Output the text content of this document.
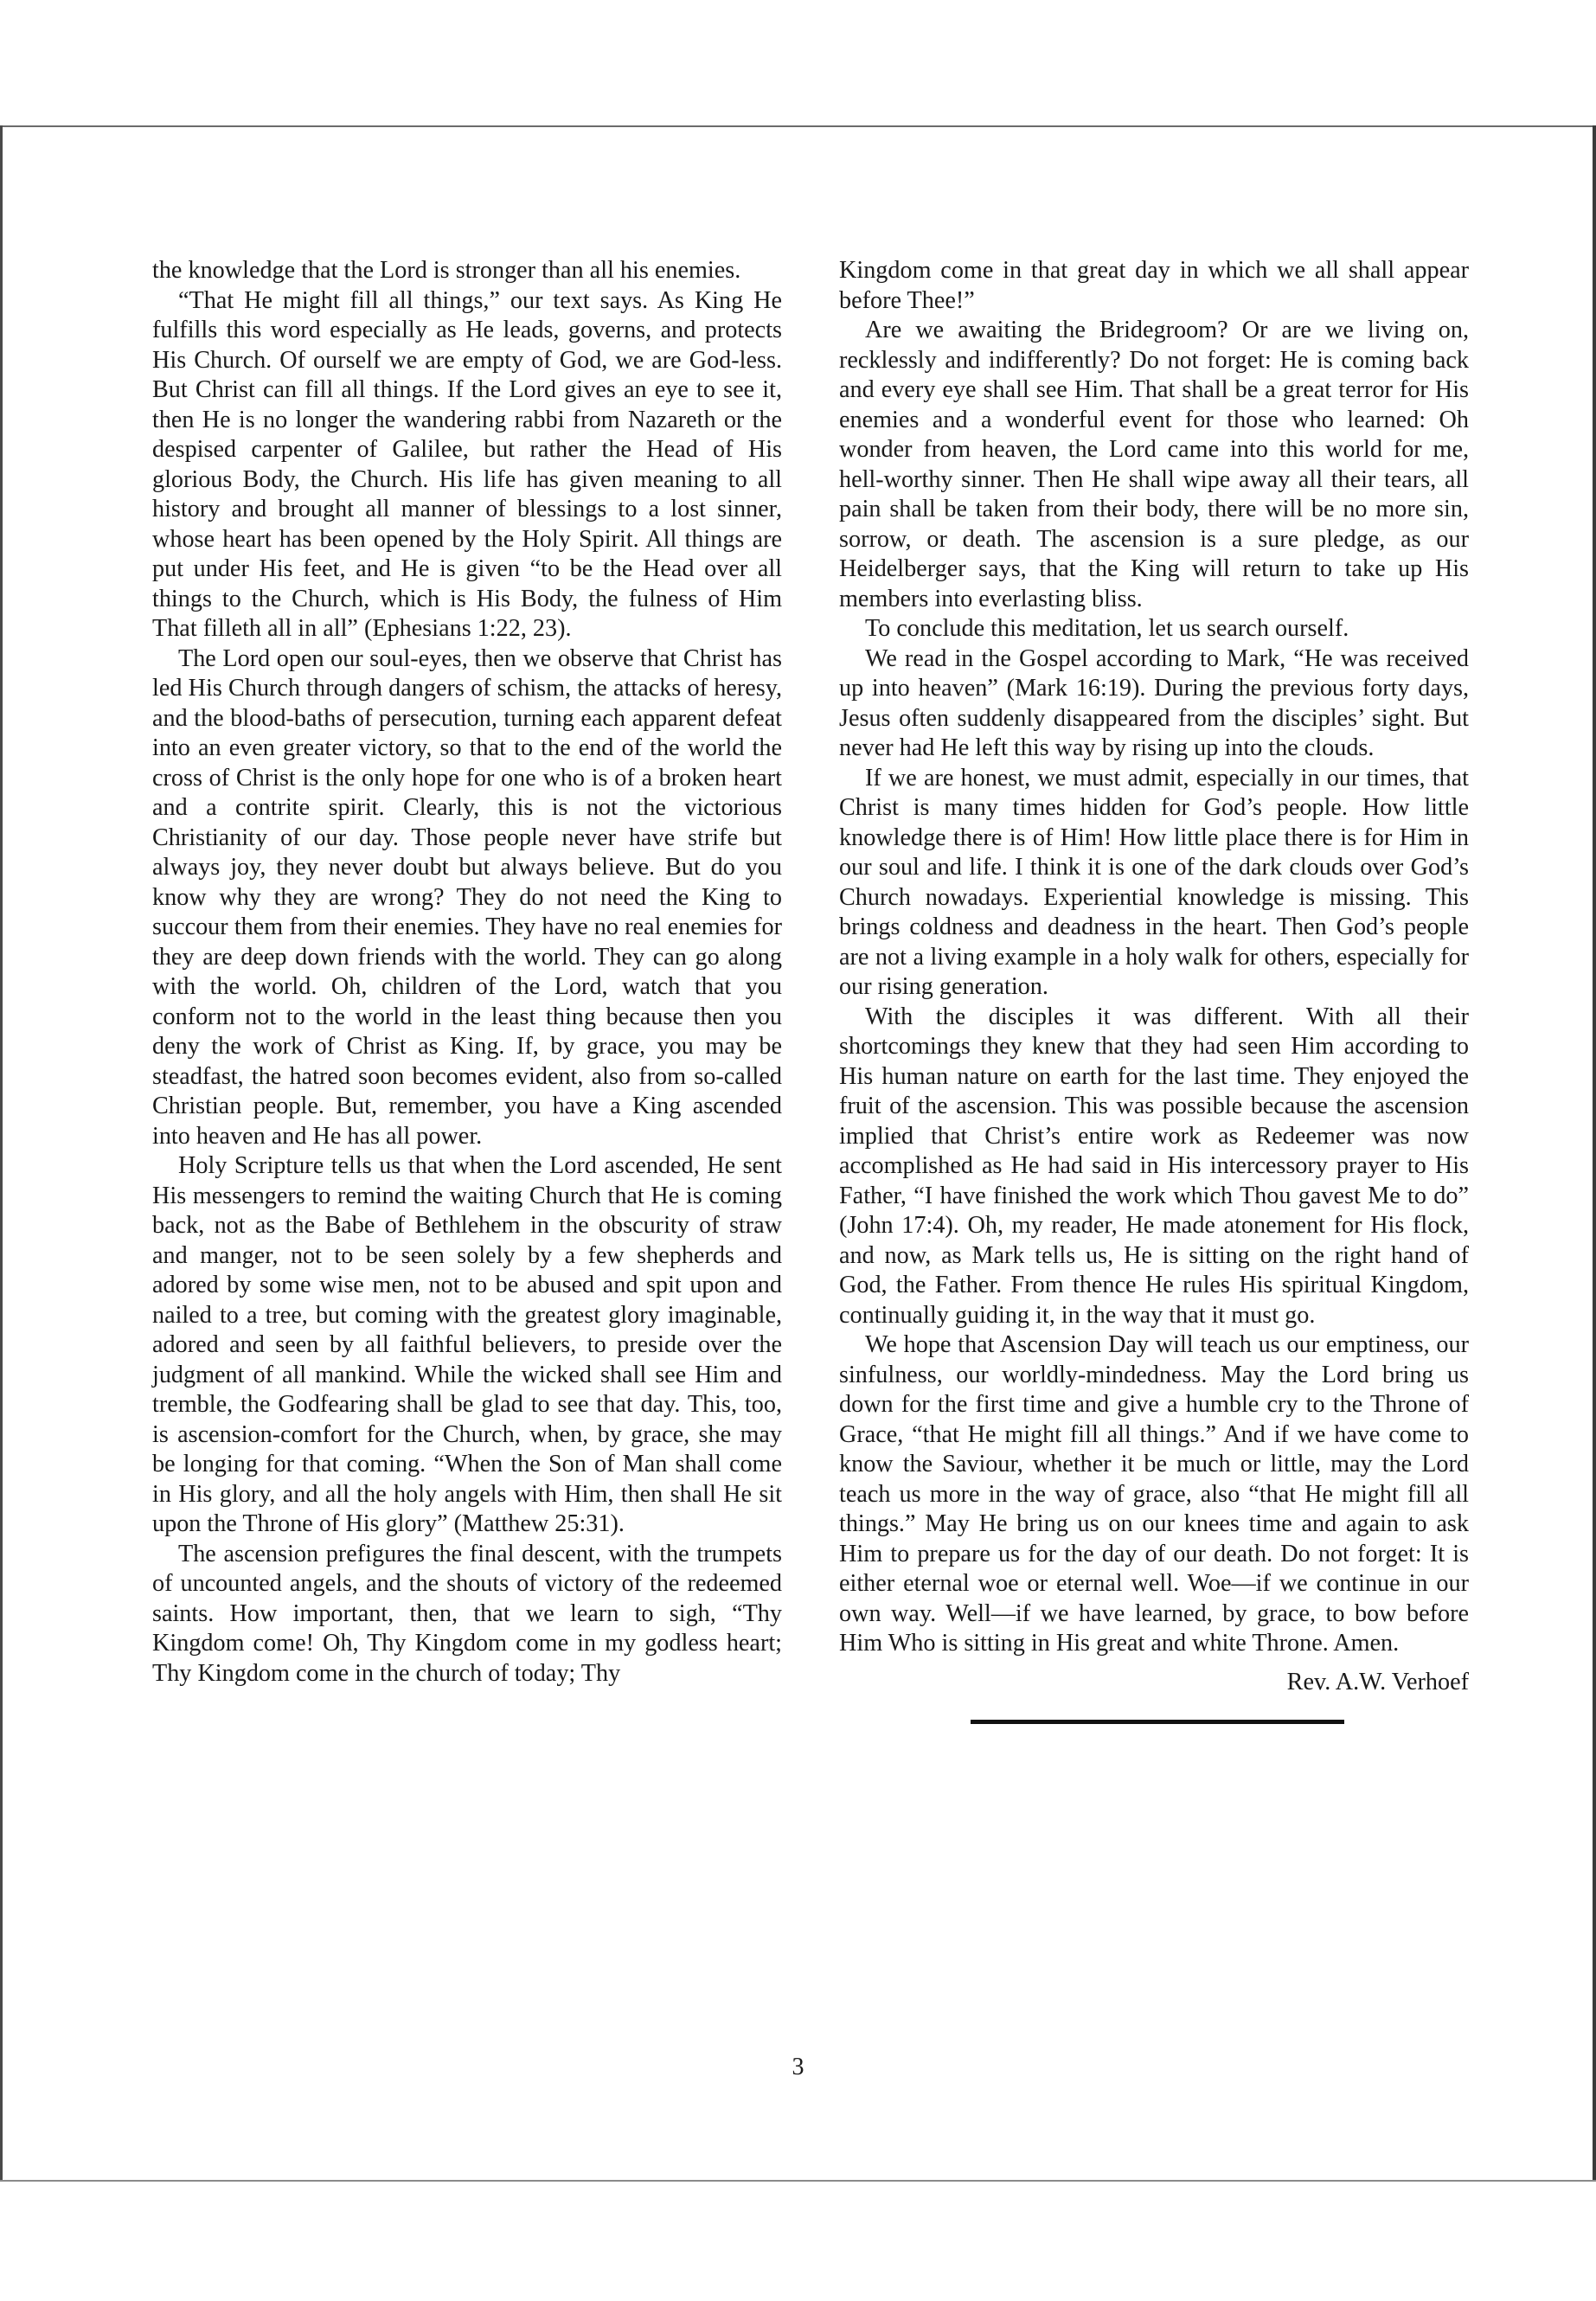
the knowledge that the Lord is stronger than all his enemies.

“That He might fill all things,” our text says. As King He fulfills this word especially as He leads, governs, and protects His Church. Of ourself we are empty of God, we are God-less. But Christ can fill all things. If the Lord gives an eye to see it, then He is no longer the wandering rabbi from Nazareth or the despised carpenter of Galilee, but rather the Head of His glorious Body, the Church. His life has given meaning to all history and brought all manner of blessings to a lost sinner, whose heart has been opened by the Holy Spirit. All things are put under His feet, and He is given “to be the Head over all things to the Church, which is His Body, the fulness of Him That filleth all in all” (Ephesians 1:22, 23).

The Lord open our soul-eyes, then we observe that Christ has led His Church through dangers of schism, the attacks of heresy, and the blood-baths of persecution, turning each apparent defeat into an even greater victory, so that to the end of the world the cross of Christ is the only hope for one who is of a broken heart and a contrite spirit. Clearly, this is not the victorious Christianity of our day. Those people never have strife but always joy, they never doubt but always believe. But do you know why they are wrong? They do not need the King to succour them from their enemies. They have no real enemies for they are deep down friends with the world. They can go along with the world. Oh, children of the Lord, watch that you conform not to the world in the least thing because then you deny the work of Christ as King. If, by grace, you may be steadfast, the hatred soon becomes evident, also from so-called Christian people. But, remember, you have a King ascended into heaven and He has all power.

Holy Scripture tells us that when the Lord ascended, He sent His messengers to remind the waiting Church that He is coming back, not as the Babe of Bethlehem in the obscurity of straw and manger, not to be seen solely by a few shepherds and adored by some wise men, not to be abused and spit upon and nailed to a tree, but coming with the greatest glory imaginable, adored and seen by all faithful believers, to preside over the judgment of all mankind. While the wicked shall see Him and tremble, the Godfearing shall be glad to see that day. This, too, is ascension-comfort for the Church, when, by grace, she may be longing for that coming. “When the Son of Man shall come in His glory, and all the holy angels with Him, then shall He sit upon the Throne of His glory” (Matthew 25:31).

The ascension prefigures the final descent, with the trumpets of uncounted angels, and the shouts of victory of the redeemed saints. How important, then, that we learn to sigh, “Thy Kingdom come! Oh, Thy Kingdom come in my godless heart; Thy Kingdom come in the church of today; Thy

Kingdom come in that great day in which we all shall appear before Thee!”

Are we awaiting the Bridegroom? Or are we living on, recklessly and indifferently? Do not forget: He is coming back and every eye shall see Him. That shall be a great terror for His enemies and a wonderful event for those who learned: Oh wonder from heaven, the Lord came into this world for me, hell-worthy sinner. Then He shall wipe away all their tears, all pain shall be taken from their body, there will be no more sin, sorrow, or death. The ascension is a sure pledge, as our Heidelberger says, that the King will return to take up His members into everlasting bliss.

To conclude this meditation, let us search ourself.

We read in the Gospel according to Mark, “He was received up into heaven” (Mark 16:19). During the previous forty days, Jesus often suddenly disappeared from the disciples’ sight. But never had He left this way by rising up into the clouds.

If we are honest, we must admit, especially in our times, that Christ is many times hidden for God’s people. How little knowledge there is of Him! How little place there is for Him in our soul and life. I think it is one of the dark clouds over God’s Church nowadays. Experiential knowledge is missing. This brings coldness and deadness in the heart. Then God’s people are not a living example in a holy walk for others, especially for our rising generation.

With the disciples it was different. With all their shortcomings they knew that they had seen Him according to His human nature on earth for the last time. They enjoyed the fruit of the ascension. This was possible because the ascension implied that Christ’s entire work as Redeemer was now accomplished as He had said in His intercessory prayer to His Father, “I have finished the work which Thou gavest Me to do” (John 17:4). Oh, my reader, He made atonement for His flock, and now, as Mark tells us, He is sitting on the right hand of God, the Father. From thence He rules His spiritual Kingdom, continually guiding it, in the way that it must go.

We hope that Ascension Day will teach us our emptiness, our sinfulness, our worldly-mindedness. May the Lord bring us down for the first time and give a humble cry to the Throne of Grace, “that He might fill all things.” And if we have come to know the Saviour, whether it be much or little, may the Lord teach us more in the way of grace, also “that He might fill all things.” May He bring us on our knees time and again to ask Him to prepare us for the day of our death. Do not forget: It is either eternal woe or eternal well. Woe—if we continue in our own way. Well—if we have learned, by grace, to bow before Him Who is sitting in His great and white Throne. Amen.

Rev. A.W. Verhoef

3
